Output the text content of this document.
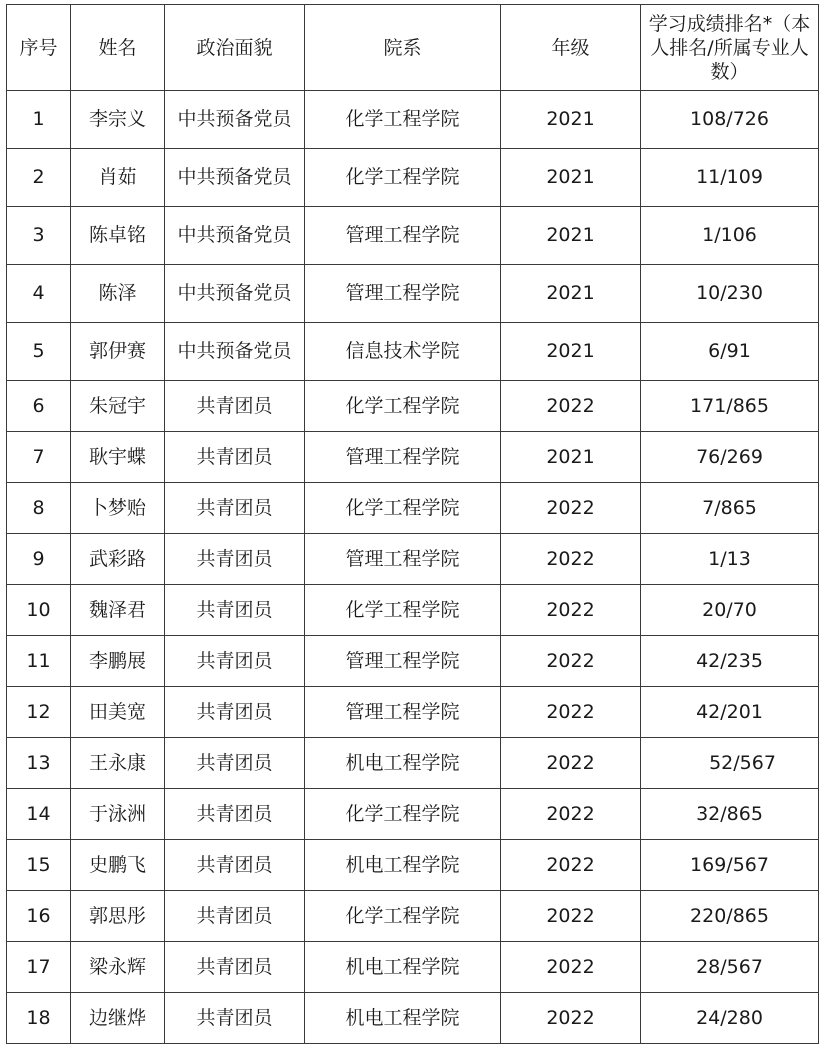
序号	姓名	政治面貌	院系	年级	学习成绩排名*（本人排名/所属专业人数）
1	李宗义	中共预备党员	化学工程学院	2021	108/726
2	肖茹	中共预备党员	化学工程学院	2021	11/109
3	陈卓铭	中共预备党员	管理工程学院	2021	1/106
4	陈泽	中共预备党员	管理工程学院	2021	10/230
5	郭伊赛	中共预备党员	信息技术学院	2021	6/91
6	朱冠宇	共青团员	化学工程学院	2022	171/865
7	耿宇蝶	共青团员	管理工程学院	2021	76/269
8	卜梦贻	共青团员	化学工程学院	2022	7/865
9	武彩路	共青团员	管理工程学院	2022	1/13
10	魏泽君	共青团员	化学工程学院	2022	20/70
11	李鹏展	共青团员	管理工程学院	2022	42/235
12	田美宽	共青团员	管理工程学院	2022	42/201
13	王永康	共青团员	机电工程学院	2022	52/567
14	于泳洲	共青团员	化学工程学院	2022	32/865
15	史鹏飞	共青团员	机电工程学院	2022	169/567
16	郭思彤	共青团员	化学工程学院	2022	220/865
17	梁永辉	共青团员	机电工程学院	2022	28/567
18	边继烨	共青团员	机电工程学院	2022	24/280
